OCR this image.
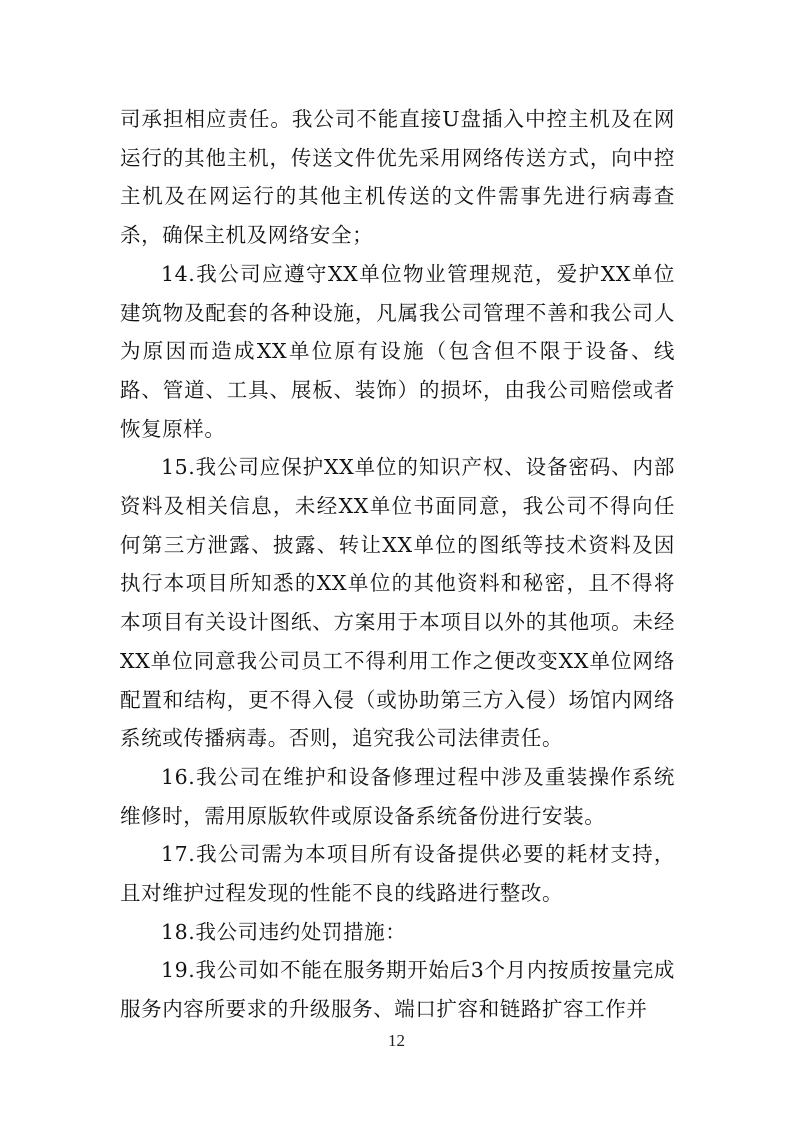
司承担相应责任。我公司不能直接U盘插入中控主机及在网运行的其他主机，传送文件优先采用网络传送方式，向中控主机及在网运行的其他主机传送的文件需事先进行病毒查杀，确保主机及网络安全；

14.我公司应遵守XX单位物业管理规范，爱护XX单位建筑物及配套的各种设施，凡属我公司管理不善和我公司人为原因而造成XX单位原有设施（包含但不限于设备、线路、管道、工具、展板、装饰）的损坏，由我公司赔偿或者恢复原样。

15.我公司应保护XX单位的知识产权、设备密码、内部资料及相关信息，未经XX单位书面同意，我公司不得向任何第三方泄露、披露、转让XX单位的图纸等技术资料及因执行本项目所知悉的XX单位的其他资料和秘密，且不得将本项目有关设计图纸、方案用于本项目以外的其他项。未经XX单位同意我公司员工不得利用工作之便改变XX单位网络配置和结构，更不得入侵（或协助第三方入侵）场馆内网络系统或传播病毒。否则，追究我公司法律责任。

16.我公司在维护和设备修理过程中涉及重装操作系统维修时，需用原版软件或原设备系统备份进行安装。

17.我公司需为本项目所有设备提供必要的耗材支持，且对维护过程发现的性能不良的线路进行整改。

18.我公司违约处罚措施：

19.我公司如不能在服务期开始后3个月内按质按量完成服务内容所要求的升级服务、端口扩容和链路扩容工作并

12
